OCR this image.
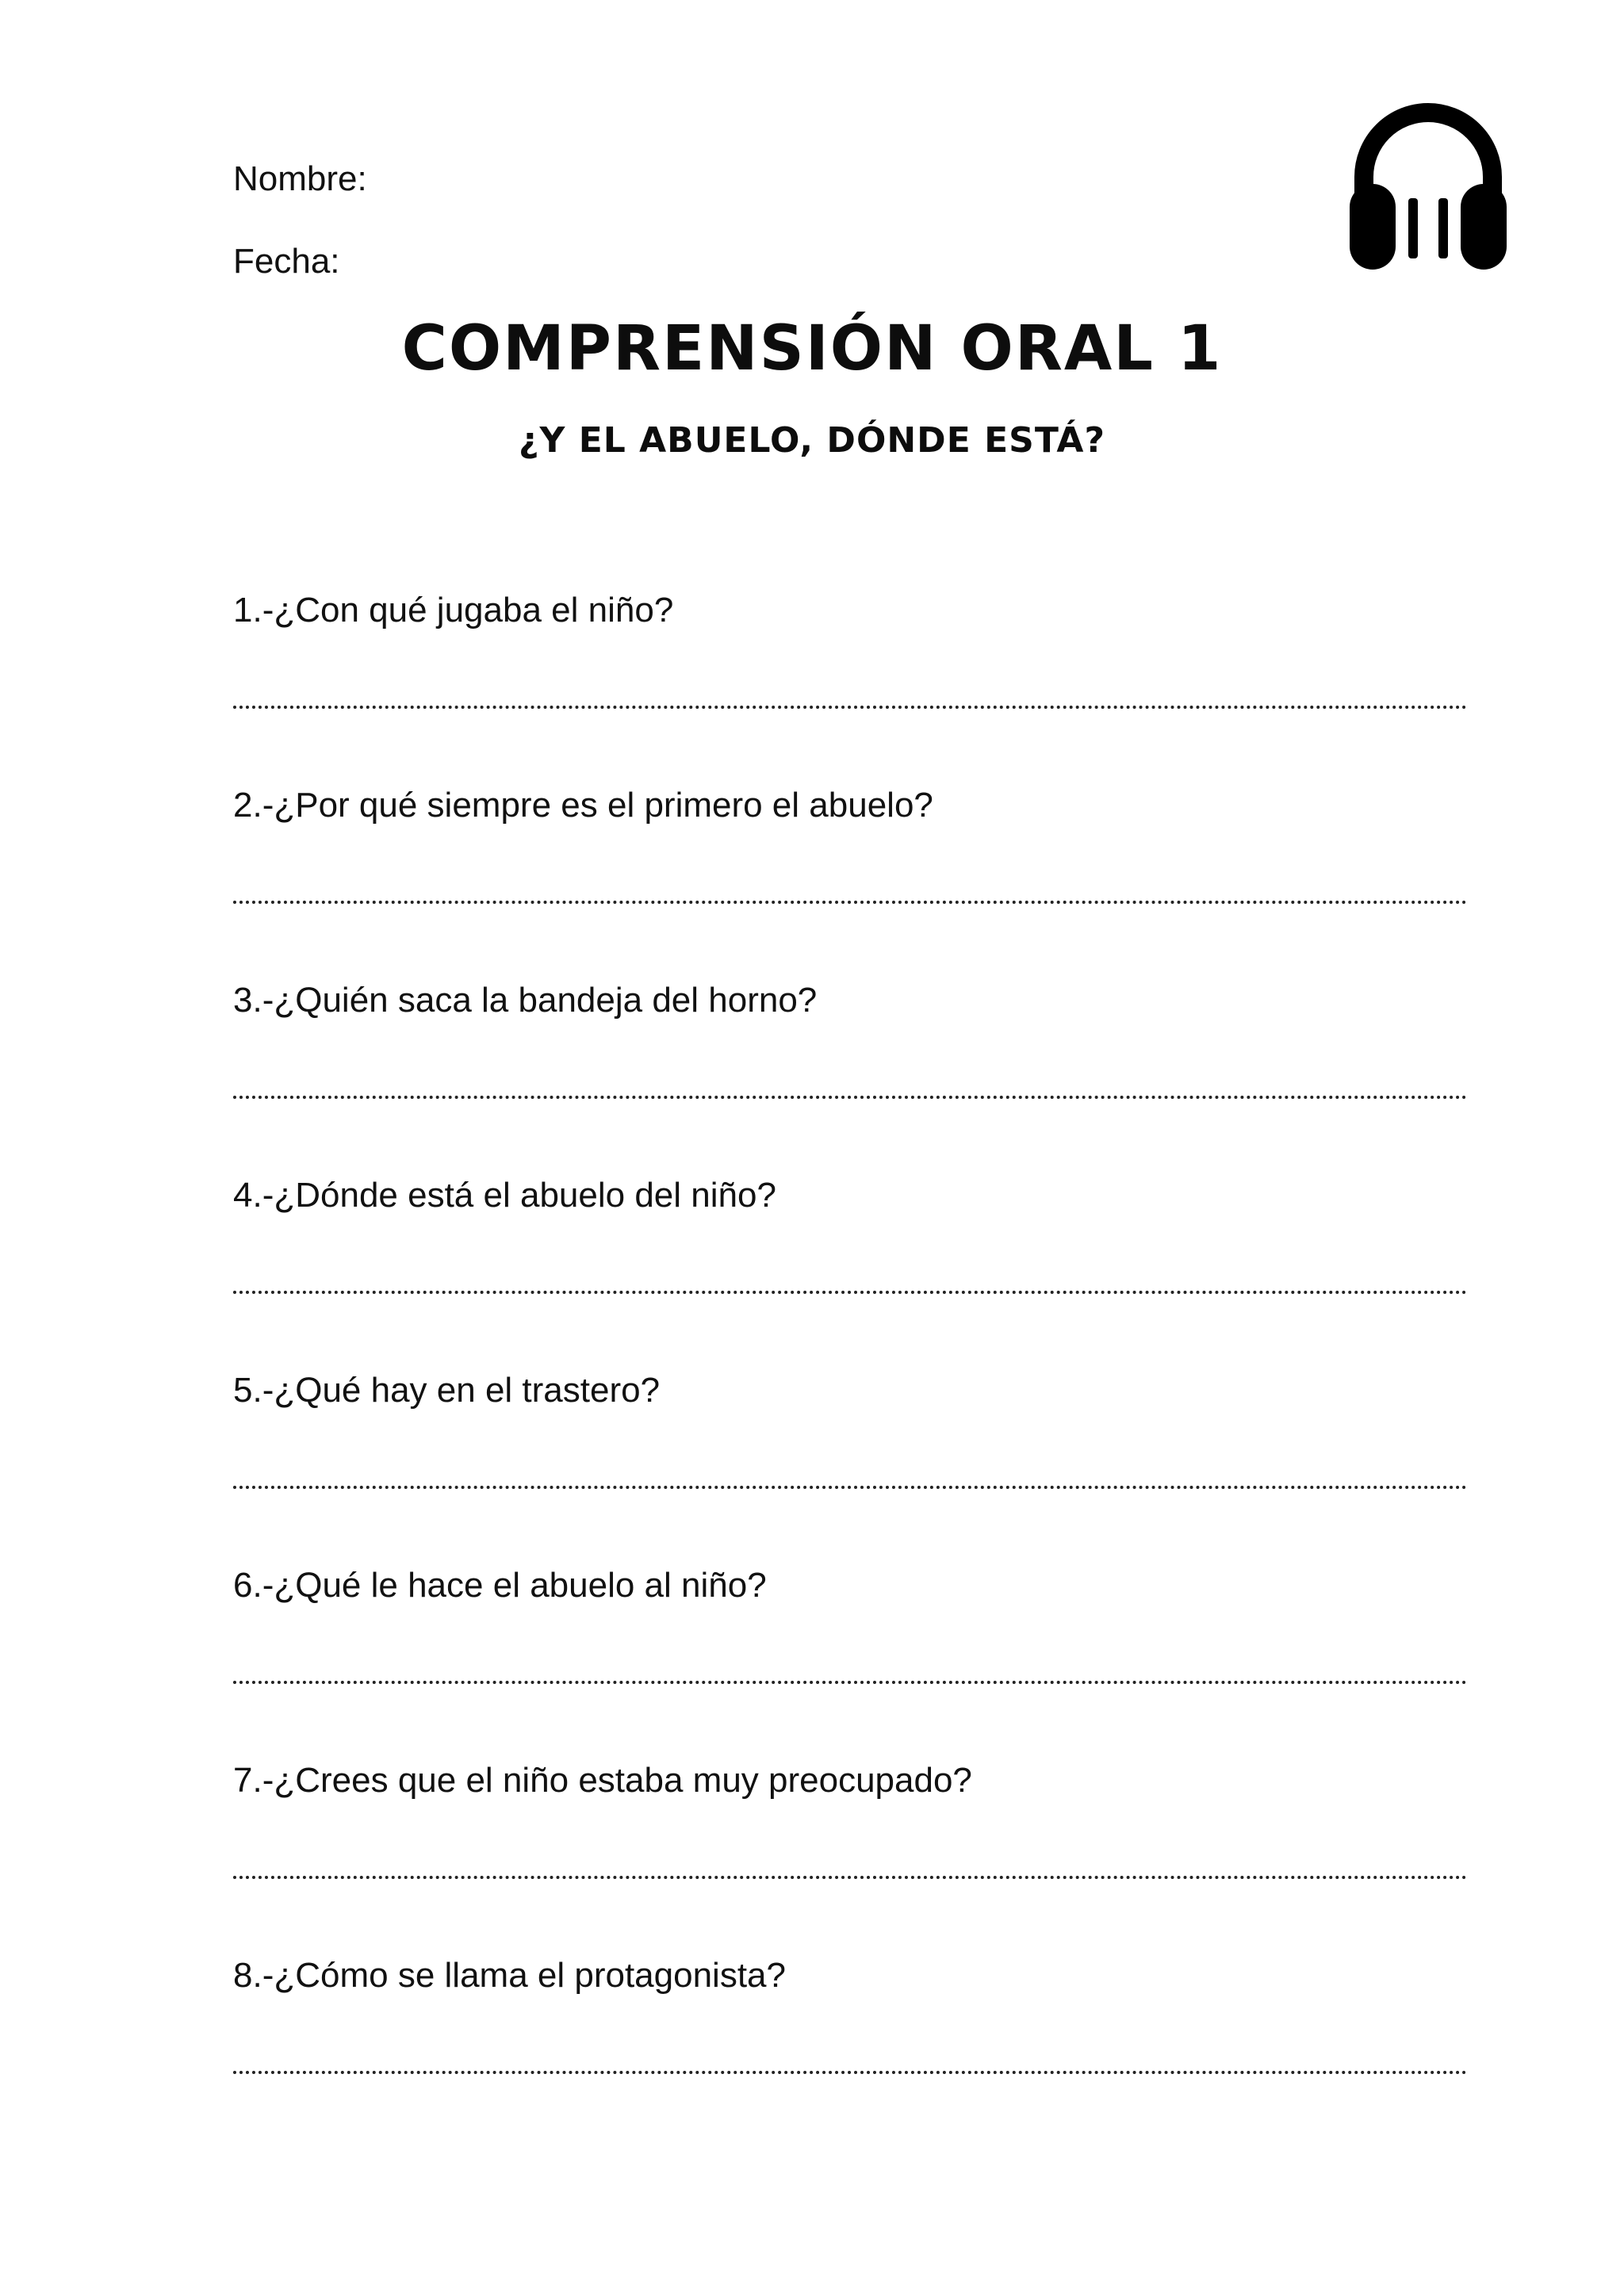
Nombre:
Fecha:
COMPRENSIÓN ORAL 1
¿Y EL ABUELO, DÓNDE ESTÁ?
1.-¿Con qué jugaba el niño?
2.-¿Por qué siempre es el primero el abuelo?
3.-¿Quién saca la bandeja del horno?
4.-¿Dónde está el abuelo del niño?
5.-¿Qué hay en el trastero?
6.-¿Qué le hace el abuelo al niño?
7.-¿Crees que el niño estaba muy preocupado?
8.-¿Cómo se llama el protagonista?
